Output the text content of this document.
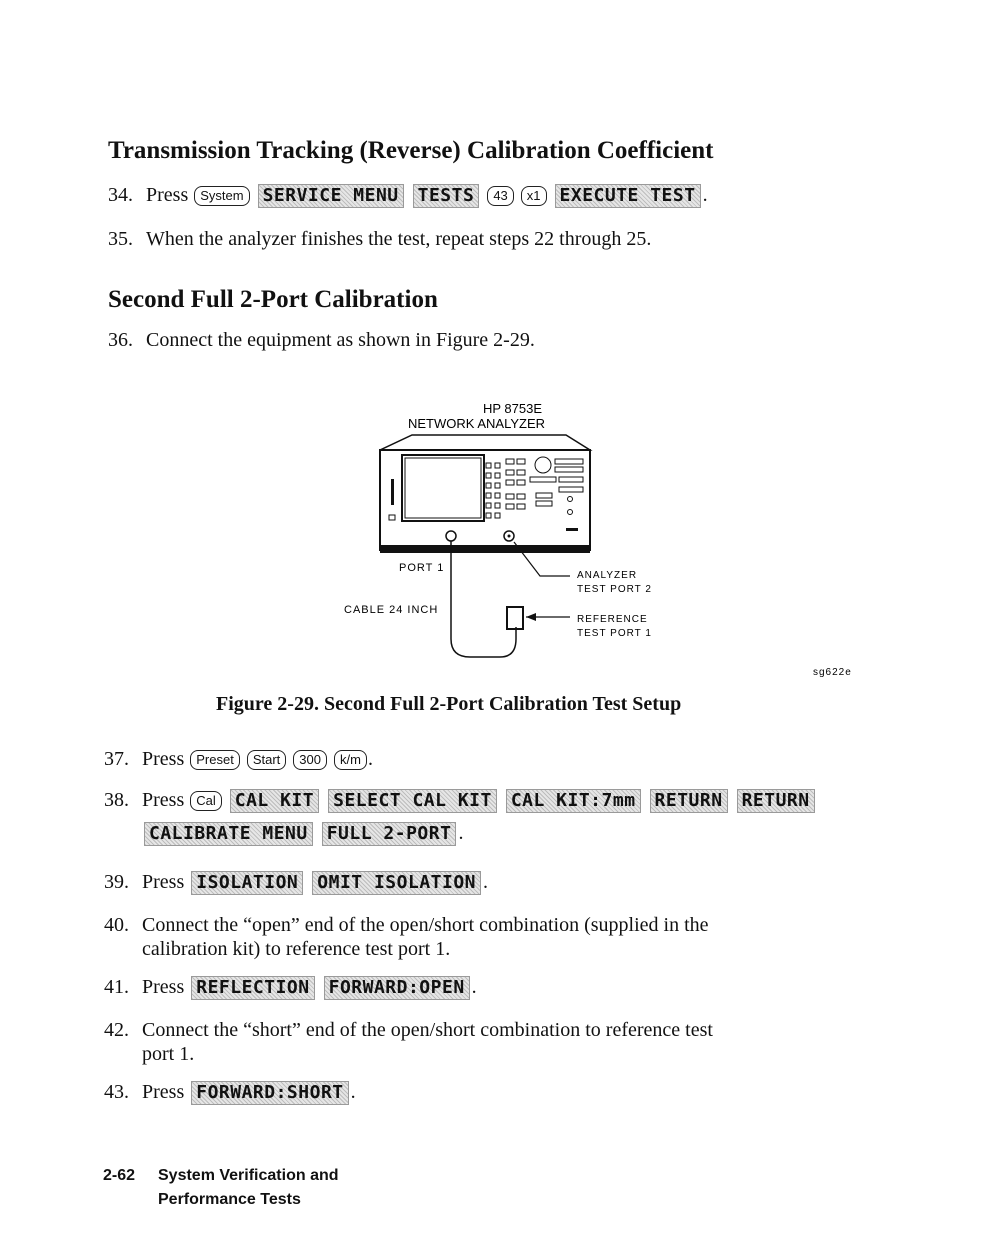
Transmission Tracking (Reverse) Calibration Coefficient
34. Press System SERVICE MENU TESTS 43 x1 EXECUTE TEST .
35. When the analyzer finishes the test, repeat steps 22 through 25.
Second Full 2-Port Calibration
36. Connect the equipment as shown in Figure 2-29.
HP 8753E
NETWORK ANALYZER
PORT 1
CABLE 24 INCH
ANALYZER
TEST PORT 2
REFERENCE
TEST PORT 1
sg622e
Figure 2-29. Second Full 2-Port Calibration Test Setup
37. Press Preset Start 300 k/m .
38. Press Cal CAL KIT SELECT CAL KIT CAL KIT:7mm RETURN RETURN
CALIBRATE MENU FULL 2-PORT .
39. Press ISOLATION OMIT ISOLATION .
40. Connect the “open” end of the open/short combination (supplied in the
calibration kit) to reference test port 1.
41. Press REFLECTION FORWARD:OPEN .
42. Connect the “short” end of the open/short combination to reference test
port 1.
43. Press FORWARD:SHORT .
2-62 System Verification and
Performance Tests
